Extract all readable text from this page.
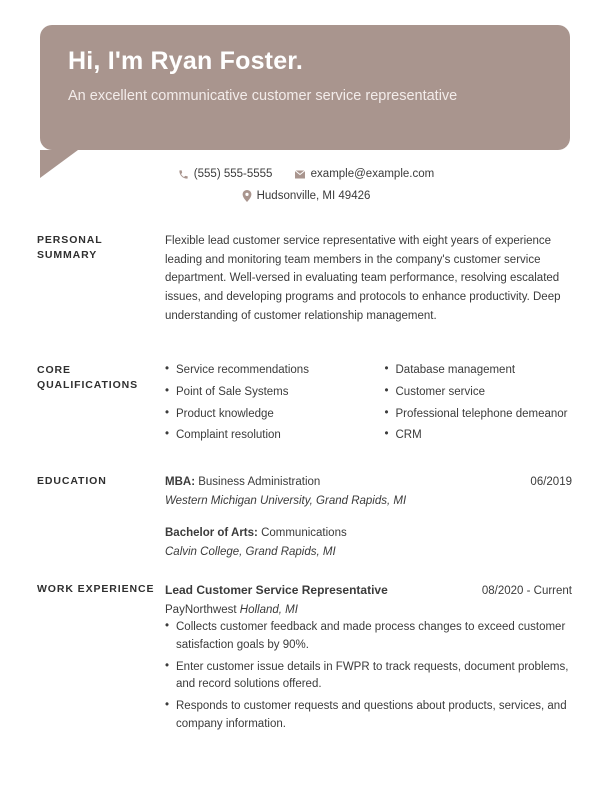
Hi, I'm Ryan Foster.
An excellent communicative customer service representative
(555) 555-5555	example@example.com
Hudsonville, MI 49426
PERSONAL SUMMARY

Flexible lead customer service representative with eight years of experience leading and monitoring team members in the company's customer service department. Well-versed in evaluating team performance, resolving escalated issues, and developing programs and protocols to enhance productivity. Deep understanding of customer relationship management.

CORE QUALIFICATIONS
• Service recommendations
• Point of Sale Systems
• Product knowledge
• Complaint resolution
• Database management
• Customer service
• Professional telephone demeanor
• CRM
EDUCATION	MBA: Business Administration	06/2019
Western Michigan University, Grand Rapids, MI
Bachelor of Arts: Communications
Calvin College, Grand Rapids, MI
WORK EXPERIENCE Lead Customer Service Representative	08/2020 - Current
PayNorthwest Holland, MI
• Collects customer feedback and made process changes to exceed customer satisfaction goals by 90%.
• Enter customer issue details in FWPR to track requests, document problems, and record solutions offered.
• Responds to customer requests and questions about products, services, and company information.
